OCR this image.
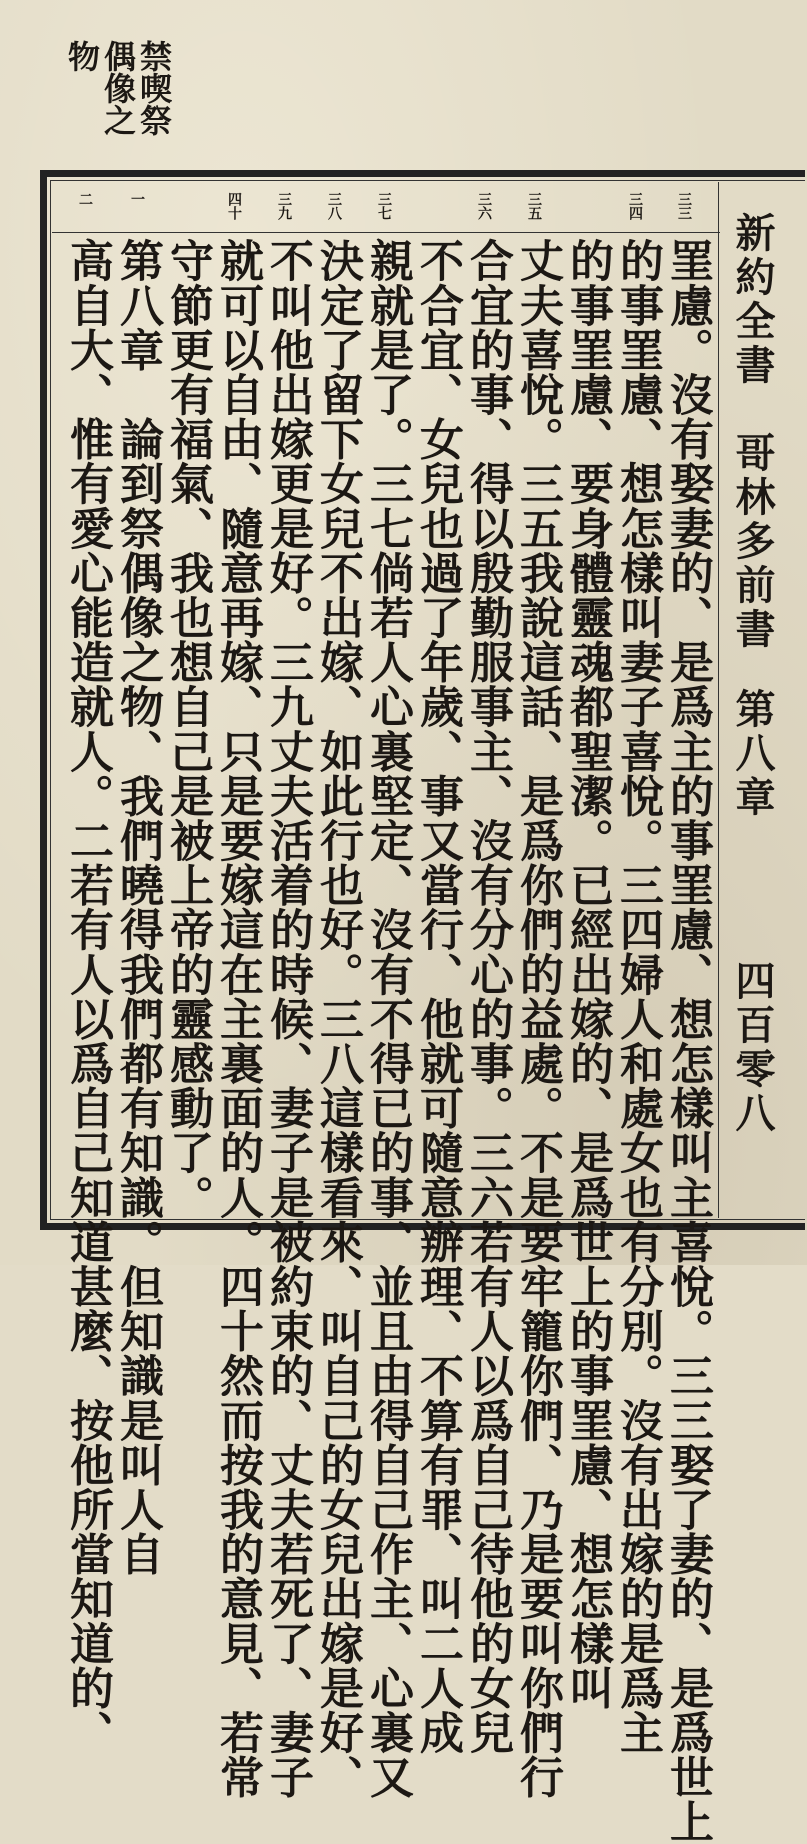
禁喫祭
偶像之
物
新約全書
哥林多前書
第八章
四百零八
三三
三四
三五
三六
三七
三八
三九
四十
一
二
罣慮。沒有娶妻的、是爲主的事罣慮、想怎樣叫主喜悅。三三娶了妻的、是爲世上
的事罣慮、想怎樣叫妻子喜悅。三四婦人和處女也有分別。沒有出嫁的是爲主
的事罣慮、要身體靈魂都聖潔。已經出嫁的、是爲世上的事罣慮、想怎樣叫
丈夫喜悅。三五我說這話、是爲你們的益處。不是要牢籠你們、乃是要叫你們行
合宜的事、得以殷勤服事主、沒有分心的事。三六若有人以爲自己待他的女兒
不合宜、女兒也過了年歲、事又當行、他就可隨意辦理、不算有罪、叫二人成
親就是了。三七倘若人心裏堅定、沒有不得已的事、並且由得自己作主、心裏又
決定了留下女兒不出嫁、如此行也好。三八這樣看來、叫自己的女兒出嫁是好、
不叫他出嫁更是好。三九丈夫活着的時候、妻子是被約束的、丈夫若死了、妻子
就可以自由、隨意再嫁、只是要嫁這在主裏面的人。四十然而按我的意見、若常
守節更有福氣、我也想自己是被上帝的靈感動了。
第八章　論到祭偶像之物、我們曉得我們都有知識。但知識是叫人自
高自大、惟有愛心能造就人。二若有人以爲自己知道甚麼、按他所當知道的、
